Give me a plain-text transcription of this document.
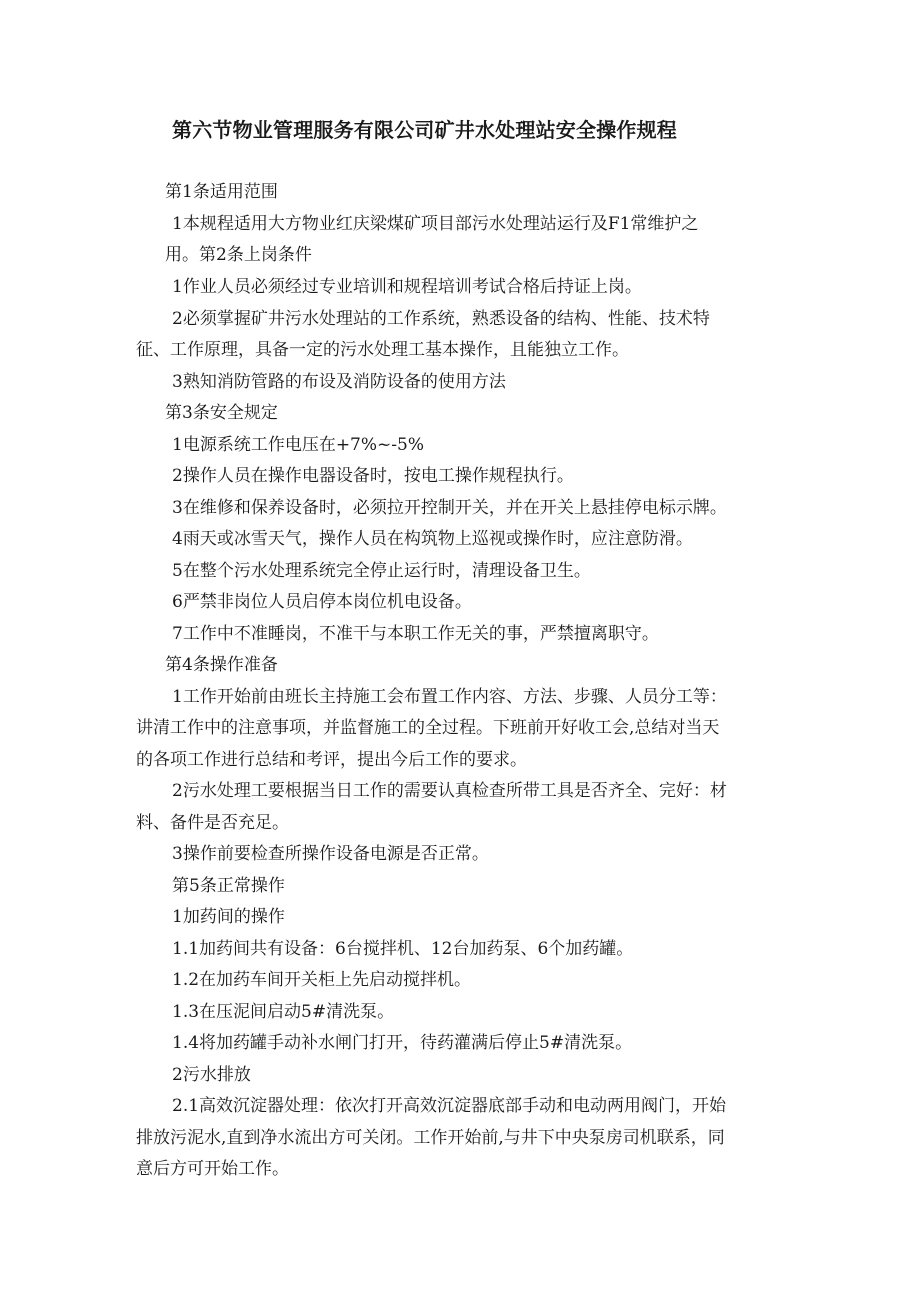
第六节物业管理服务有限公司矿井水处理站安全操作规程

第1条适用范围

1本规程适用大方物业红庆梁煤矿项目部污水处理站运行及F1常维护之

用。第2条上岗条件

1作业人员必须经过专业培训和规程培训考试合格后持证上岗。

2必须掌握矿井污水处理站的工作系统，熟悉设备的结构、性能、技术特

征、工作原理，具备一定的污水处理工基本操作，且能独立工作。

3熟知消防管路的布设及消防设备的使用方法

第3条安全规定

1电源系统工作电压在+7%~-5%

2操作人员在操作电器设备时，按电工操作规程执行。

3在维修和保养设备时，必须拉开控制开关，并在开关上悬挂停电标示牌。

4雨天或冰雪天气，操作人员在构筑物上巡视或操作时，应注意防滑。

5在整个污水处理系统完全停止运行时，清理设备卫生。

6严禁非岗位人员启停本岗位机电设备。

7工作中不准睡岗，不准干与本职工作无关的事，严禁擅离职守。

第4条操作准备

1工作开始前由班长主持施工会布置工作内容、方法、步骤、人员分工等：

讲清工作中的注意事项，并监督施工的全过程。下班前开好收工会,总结对当天

的各项工作进行总结和考评，提出今后工作的要求。

2污水处理工要根据当日工作的需要认真检查所带工具是否齐全、完好：材

料、备件是否充足。

3操作前要检查所操作设备电源是否正常。

第5条正常操作

1加药间的操作

1.1加药间共有设备：6台搅拌机、12台加药泵、6个加药罐。

1.2在加药车间开关柜上先启动搅拌机。

1.3在压泥间启动5#清洗泵。

1.4将加药罐手动补水闸门打开，待药灌满后停止5#清洗泵。

2污水排放

2.1高效沉淀器处理：依次打开高效沉淀器底部手动和电动两用阀门，开始

排放污泥水,直到净水流出方可关闭。工作开始前,与井下中央泵房司机联系，同

意后方可开始工作。
